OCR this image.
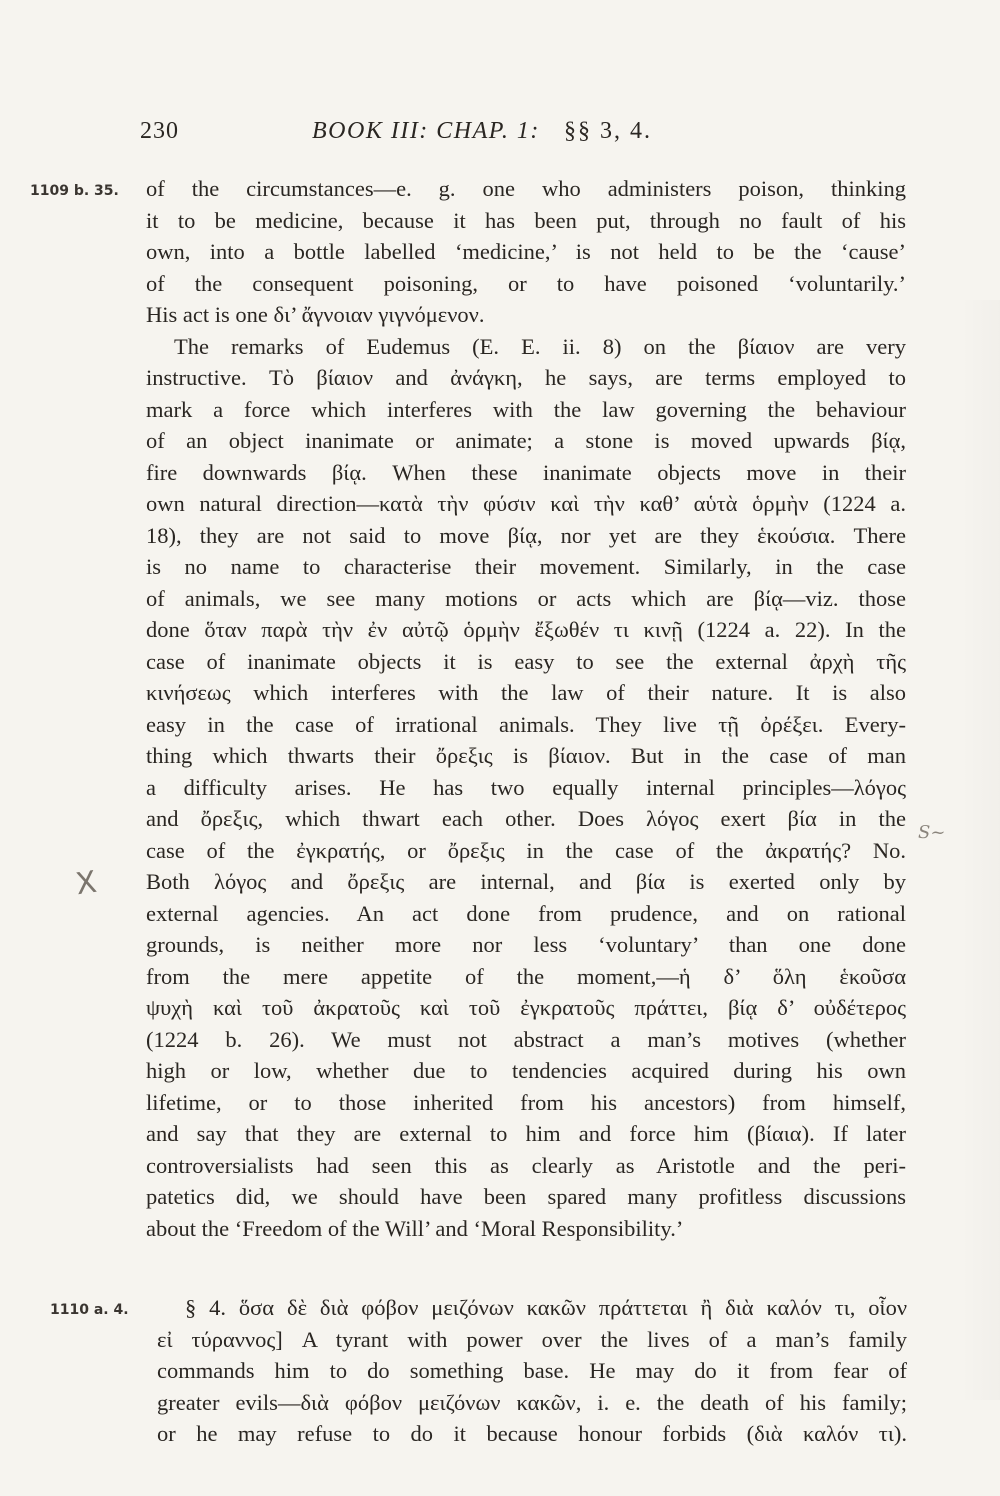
230	BOOK III: CHAP. 1: §§ 3, 4.
1109 b. 35.
1110 a. 4.
of the circumstances—e. g. one who administers poison, thinking
it to be medicine, because it has been put, through no fault of his
own, into a bottle labelled ‘medicine,’ is not held to be the ‘cause’
of the consequent poisoning, or to have poisoned ‘voluntarily.’
His act is one δι’ ἄγνοιαν γιγνόμενον.
The remarks of Eudemus (E. E. ii. 8) on the βίαιον are very
instructive. Τὸ βίαιον and ἀνάγκη, he says, are terms employed to
mark a force which interferes with the law governing the behaviour
of an object inanimate or animate; a stone is moved upwards βίᾳ,
fire downwards βίᾳ. When these inanimate objects move in their
own natural direction—κατὰ τὴν φύσιν καὶ τὴν καθ’ αὑτὰ ὁρμὴν (1224 a.
18), they are not said to move βίᾳ, nor yet are they ἑκούσια. There
is no name to characterise their movement. Similarly, in the case
of animals, we see many motions or acts which are βίᾳ—viz. those
done ὅταν παρὰ τὴν ἐν αὐτῷ ὁρμὴν ἔξωθέν τι κινῇ (1224 a. 22). In the
case of inanimate objects it is easy to see the external ἀρχὴ τῆς
κινήσεως which interferes with the law of their nature. It is also
easy in the case of irrational animals. They live τῇ ὀρέξει. Every-
thing which thwarts their ὄρεξις is βίαιον. But in the case of man
a difficulty arises. He has two equally internal principles—λόγος
and ὄρεξις, which thwart each other. Does λόγος exert βία in the
case of the ἐγκρατής, or ὄρεξις in the case of the ἀκρατής? No.
Both λόγος and ὄρεξις are internal, and βία is exerted only by
external agencies. An act done from prudence, and on rational
grounds, is neither more nor less ‘voluntary’ than one done
from the mere appetite of the moment,—ἡ δ’ ὅλη ἑκοῦσα
ψυχὴ καὶ τοῦ ἀκρατοῦς καὶ τοῦ ἐγκρατοῦς πράττει, βίᾳ δ’ οὐδέτερος
(1224 b. 26). We must not abstract a man’s motives (whether
high or low, whether due to tendencies acquired during his own
lifetime, or to those inherited from his ancestors) from himself,
and say that they are external to him and force him (βίαια). If later
controversialists had seen this as clearly as Aristotle and the peri-
patetics did, we should have been spared many profitless discussions
about the ‘Freedom of the Will’ and ‘Moral Responsibility.’
§ 4. ὅσα δὲ διὰ φόβον μειζόνων κακῶν πράττεται ἢ διὰ καλόν τι, οἷον
εἰ τύραννος] A tyrant with power over the lives of a man’s family
commands him to do something base. He may do it from fear of
greater evils—διὰ φόβον μειζόνων κακῶν, i. e. the death of his family;
or he may refuse to do it because honour forbids (διὰ καλόν τι).
X
S~
